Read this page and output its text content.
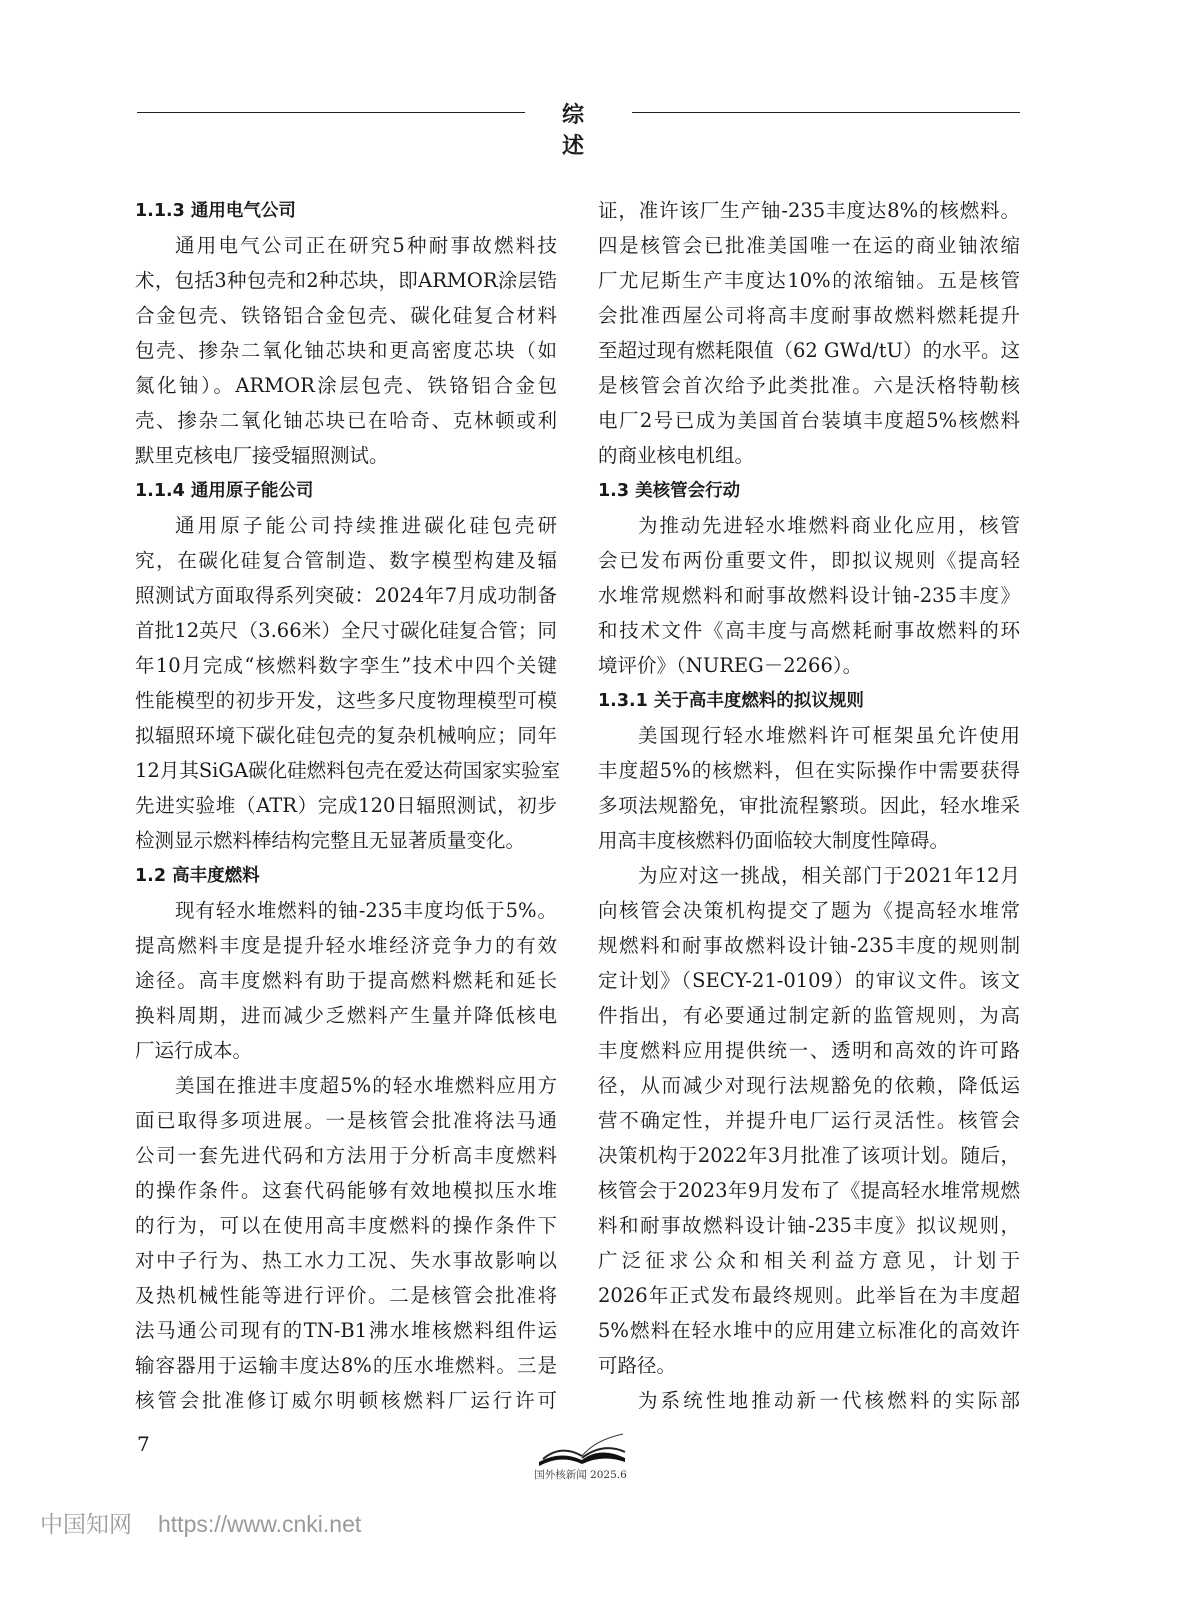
综 述
1.1.3 通用电气公司
通用电气公司正在研究5种耐事故燃料技
术，包括3种包壳和2种芯块，即ARMOR涂层锆
合金包壳、铁铬铝合金包壳、碳化硅复合材料
包壳、掺杂二氧化铀芯块和更高密度芯块（如
氮化铀）。ARMOR涂层包壳、铁铬铝合金包
壳、掺杂二氧化铀芯块已在哈奇、克林顿或利
默里克核电厂接受辐照测试。
1.1.4 通用原子能公司
通用原子能公司持续推进碳化硅包壳研
究，在碳化硅复合管制造、数字模型构建及辐
照测试方面取得系列突破：2024年7月成功制备
首批12英尺（3.66米）全尺寸碳化硅复合管；同
年10月完成“核燃料数字孪生”技术中四个关键
性能模型的初步开发，这些多尺度物理模型可模
拟辐照环境下碳化硅包壳的复杂机械响应；同年
12月其SiGA碳化硅燃料包壳在爱达荷国家实验室
先进实验堆（ATR）完成120日辐照测试，初步
检测显示燃料棒结构完整且无显著质量变化。
1.2 高丰度燃料
现有轻水堆燃料的铀-235丰度均低于5%。
提高燃料丰度是提升轻水堆经济竞争力的有效
途径。高丰度燃料有助于提高燃料燃耗和延长
换料周期，进而减少乏燃料产生量并降低核电
厂运行成本。
美国在推进丰度超5%的轻水堆燃料应用方
面已取得多项进展。一是核管会批准将法马通
公司一套先进代码和方法用于分析高丰度燃料
的操作条件。这套代码能够有效地模拟压水堆
的行为，可以在使用高丰度燃料的操作条件下
对中子行为、热工水力工况、失水事故影响以
及热机械性能等进行评价。二是核管会批准将
法马通公司现有的TN-B1沸水堆核燃料组件运
输容器用于运输丰度达8%的压水堆燃料。三是
核管会批准修订威尔明顿核燃料厂运行许可
证，准许该厂生产铀-235丰度达8%的核燃料。
四是核管会已批准美国唯一在运的商业铀浓缩
厂尤尼斯生产丰度达10%的浓缩铀。五是核管
会批准西屋公司将高丰度耐事故燃料燃耗提升
至超过现有燃耗限值（62 GWd/tU）的水平。这
是核管会首次给予此类批准。六是沃格特勒核
电厂2号已成为美国首台装填丰度超5%核燃料
的商业核电机组。
1.3 美核管会行动
为推动先进轻水堆燃料商业化应用，核管
会已发布两份重要文件，即拟议规则《提高轻
水堆常规燃料和耐事故燃料设计铀-235丰度》
和技术文件《高丰度与高燃耗耐事故燃料的环
境评价》（NUREG－2266）。
1.3.1 关于高丰度燃料的拟议规则
美国现行轻水堆燃料许可框架虽允许使用
丰度超5%的核燃料，但在实际操作中需要获得
多项法规豁免，审批流程繁琐。因此，轻水堆采
用高丰度核燃料仍面临较大制度性障碍。
为应对这一挑战，相关部门于2021年12月
向核管会决策机构提交了题为《提高轻水堆常
规燃料和耐事故燃料设计铀-235丰度的规则制
定计划》（SECY-21-0109）的审议文件。该文
件指出，有必要通过制定新的监管规则，为高
丰度燃料应用提供统一、透明和高效的许可路
径，从而减少对现行法规豁免的依赖，降低运
营不确定性，并提升电厂运行灵活性。核管会
决策机构于2022年3月批准了该项计划。随后，
核管会于2023年9月发布了《提高轻水堆常规燃
料和耐事故燃料设计铀-235丰度》拟议规则，
广泛征求公众和相关利益方意见，计划于
2026年正式发布最终规则。此举旨在为丰度超
5%燃料在轻水堆中的应用建立标准化的高效许
可路径。
为系统性地推动新一代核燃料的实际部
7
国外核新闻 2025.6
中国知网 https://www.cnki.net
